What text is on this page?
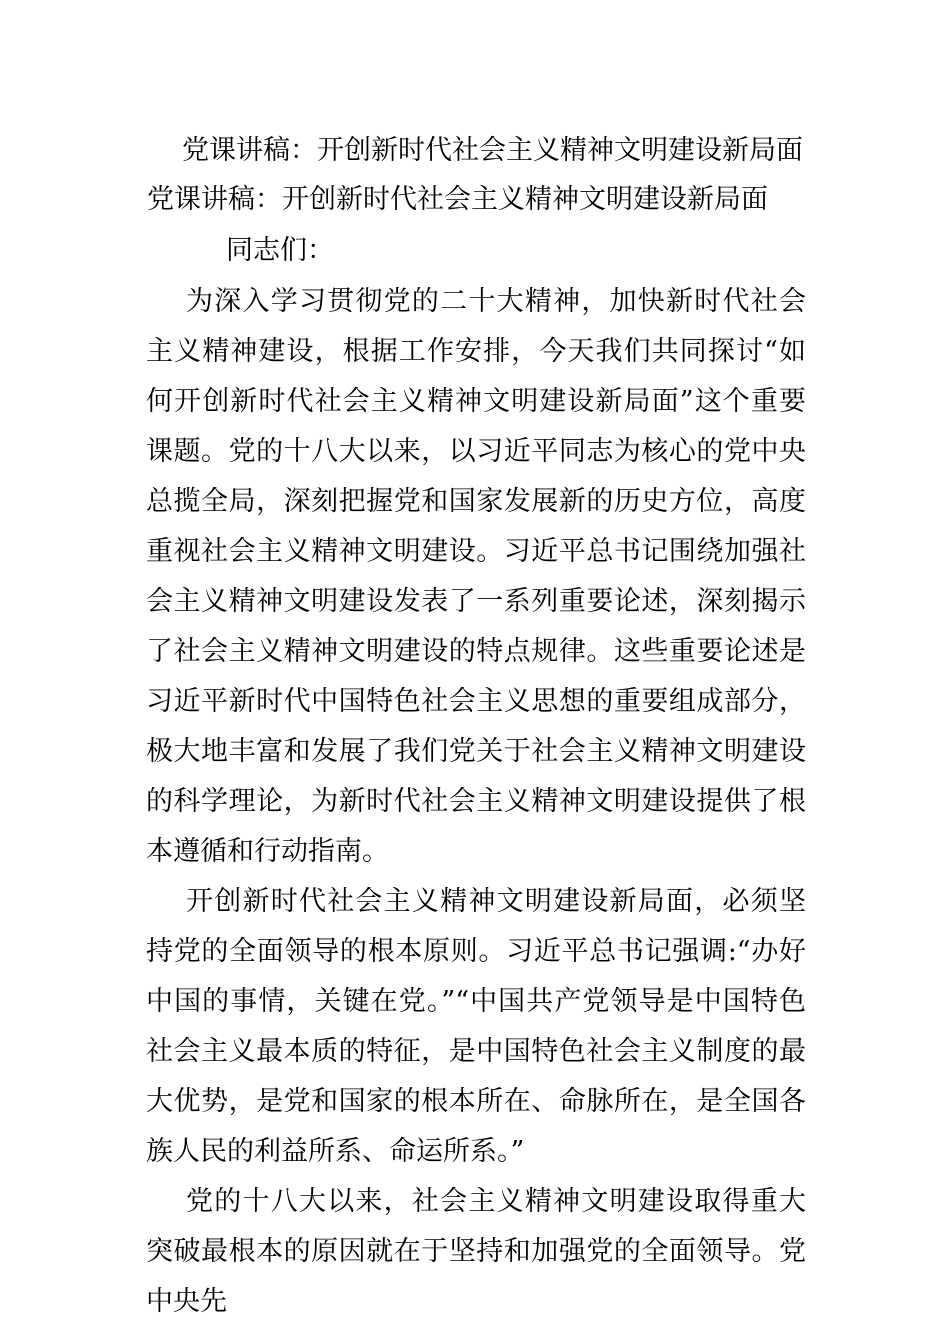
党课讲稿：开创新时代社会主义精神文明建设新局面
党课讲稿：开创新时代社会主义精神文明建设新局面
同志们：

为深入学习贯彻党的二十大精神，加快新时代社会主义精神建设，根据工作安排，今天我们共同探讨“如何开创新时代社会主义精神文明建设新局面”这个重要课题。党的十八大以来，以习近平同志为核心的党中央总揽全局，深刻把握党和国家发展新的历史方位，高度重视社会主义精神文明建设。习近平总书记围绕加强社会主义精神文明建设发表了一系列重要论述，深刻揭示了社会主义精神文明建设的特点规律。这些重要论述是习近平新时代中国特色社会主义思想的重要组成部分，极大地丰富和发展了我们党关于社会主义精神文明建设的科学理论，为新时代社会主义精神文明建设提供了根本遵循和行动指南。

开创新时代社会主义精神文明建设新局面，必须坚持党的全面领导的根本原则。习近平总书记强调:“办好中国的事情，关键在党。”“中国共产党领导是中国特色社会主义最本质的特征，是中国特色社会主义制度的最大优势，是党和国家的根本所在、命脉所在，是全国各族人民的利益所系、命运所系。”

党的十八大以来，社会主义精神文明建设取得重大突破最根本的原因就在于坚持和加强党的全面领导。党中央先
